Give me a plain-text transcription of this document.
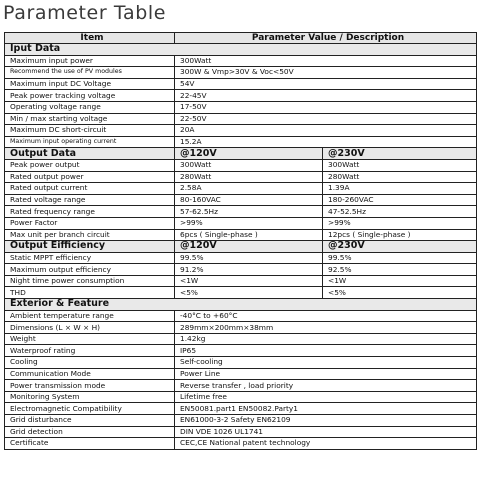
Parameter Table
Item	Parameter Value / Description	
Iput Data		
Maximum input power	300Watt	
Recommend the use of PV modules	300W & Vmp>30V & Voc<50V	
Maximum input DC Voltage	54V	
Peak power tracking voltage	22-45V	
Operating voltage range	17-50V	
Min / max starting voltage	22-50V	
Maximum DC short-circuit	20A	
Maximum input operating current	15.2A	
Output Data	@120V	@230V
Peak power output	300Watt	300Watt
Rated output power	280Watt	280Watt
Rated output current	2.58A	1.39A
Rated voltage range	80-160VAC	180-260VAC
Rated frequency range	57-62.5Hz	47-52.5Hz
Power Factor	>99%	>99%
Max unit per branch circuit	6pcs ( Single-phase )	12pcs ( Single-phase )
Output Eifficiency	@120V	@230V
Static MPPT efficiency	99.5%	99.5%
Maximum output efficiency	91.2%	92.5%
Night time power consumption	<1W	<1W
THD	<5%	<5%
Exterior & Feature		
Ambient temperature range	-40°C to +60°C	
Dimensions (L × W × H)	289mm×200mm×38mm	
Weight	1.42kg	
Waterproof rating	IP65	
Cooling	Self-cooling	
Communication Mode	Power Line	
Power transmission mode	Reverse transfer , load priority	
Monitoring System	Lifetime free	
Electromagnetic Compatibility	EN50081.part1 EN50082.Party1	
Grid disturbance	EN61000-3-2 Safety EN62109	
Grid detection	DIN VDE 1026 UL1741	
Certificate	CEC,CE National patent technology	
